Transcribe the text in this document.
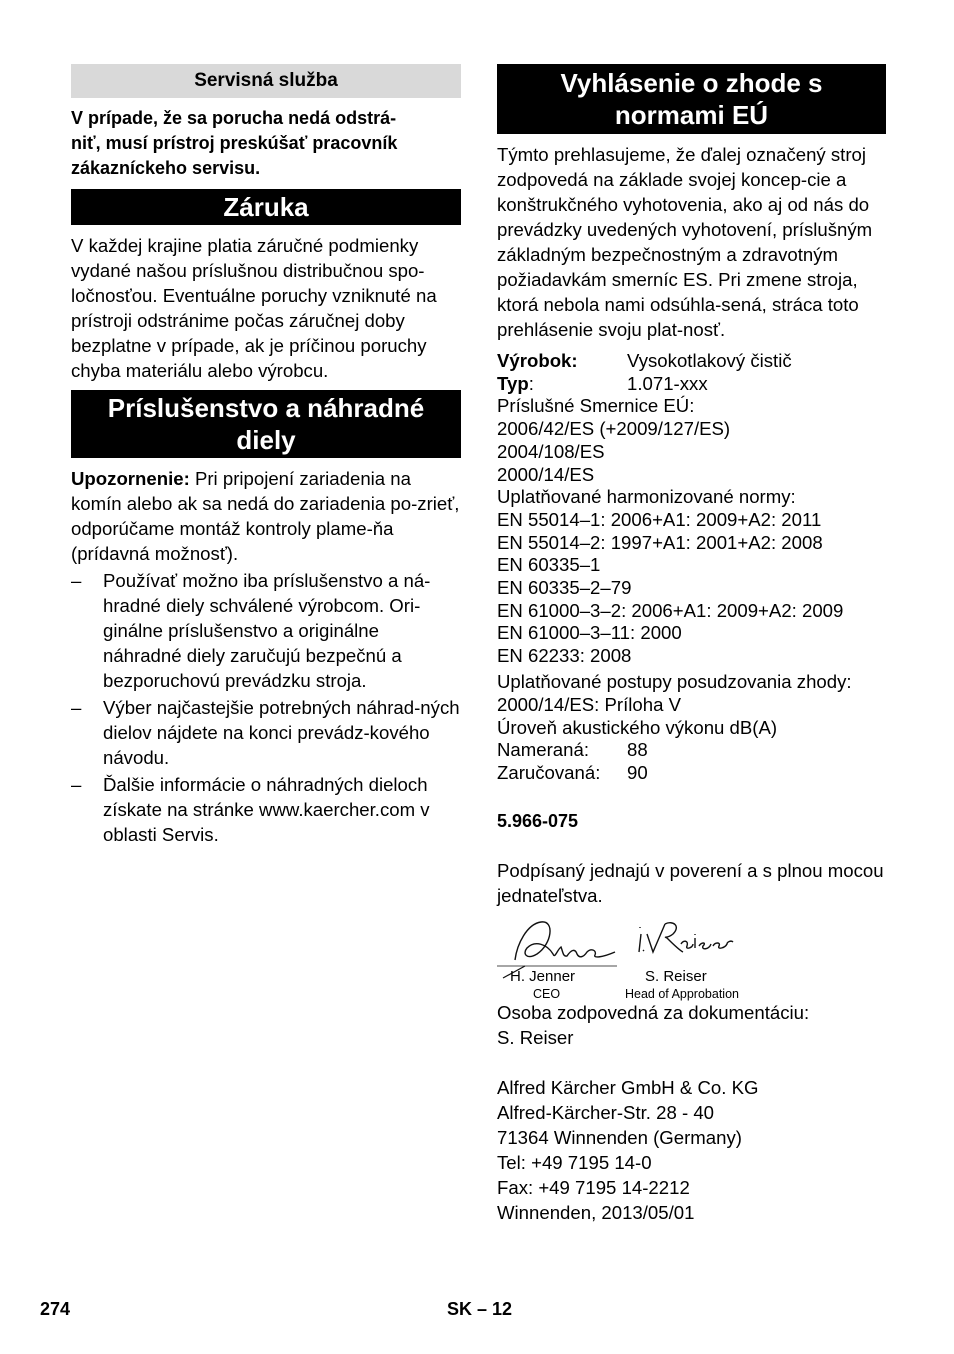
Servisná služba

V prípade, že sa porucha nedá odstrá-
niť, musí prístroj preskúšať pracovník
zákazníckeho servisu.

Záruka

V každej krajine platia záručné podmienky vydané našou príslušnou distribučnou spo-ločnosťou. Eventuálne poruchy vzniknuté na prístroji odstránime počas záručnej doby bezplatne v prípade, ak je príčinou poruchy chyba materiálu alebo výrobcu.

Príslušenstvo a náhradné diely

Upozornenie: Pri pripojení zariadenia na komín alebo ak sa nedá do zariadenia po-zrieť, odporúčame montáž kontroly plame-ňa (prídavná možnosť).

– Používať možno iba príslušenstvo a ná-hradné diely schválené výrobcom. Ori-ginálne príslušenstvo a originálne náhradné diely zaručujú bezpečnú a bezporuchovú prevádzku stroja.
– Výber najčastejšie potrebných náhrad-ných dielov nájdete na konci prevádz-kového návodu.
– Ďalšie informácie o náhradných dieloch získate na stránke www.kaercher.com v oblasti Servis.
Vyhlásenie o zhode s normami EÚ

Týmto prehlasujeme, že ďalej označený stroj zodpovedá na základe svojej koncep-cie a konštrukčného vyhotovenia, ako aj od nás do prevádzky uvedených vyhotovení, príslušným základným bezpečnostným a zdravotným požiadavkám smerníc ES. Pri zmene stroja, ktorá nebola nami odsúhla-sená, stráca toto prehlásenie svoju plat-nosť.

Výrobok:	Vysokotlakový čistič
Typ:	1.071-xxx
Príslušné Smernice EÚ:
2006/42/ES (+2009/127/ES)
2004/108/ES
2000/14/ES
Uplatňované harmonizované normy:
EN 55014–1: 2006+A1: 2009+A2: 2011
EN 55014–2: 1997+A1: 2001+A2: 2008
EN 60335–1
EN 60335–2–79
EN 61000–3–2: 2006+A1: 2009+A2: 2009
EN 61000–3–11: 2000
EN 62233: 2008
Uplatňované postupy posudzovania zhody:
2000/14/ES: Príloha V
Úroveň akustického výkonu dB(A)
Nameraná: 88
Zaručovaná: 90
5.966-075

Podpísaný jednajú v poverení a s plnou mocou jednateľstva.

H. Jenner
CEO
S. Reiser
Head of Approbation

Osoba zodpovedná za dokumentáciu:

S. Reiser

Alfred Kärcher GmbH & Co. KG

Alfred-Kärcher-Str. 28 - 40

71364 Winnenden (Germany)

Tel: +49 7195 14-0

Fax: +49 7195 14-2212

Winnenden, 2013/05/01

274	SK – 12
